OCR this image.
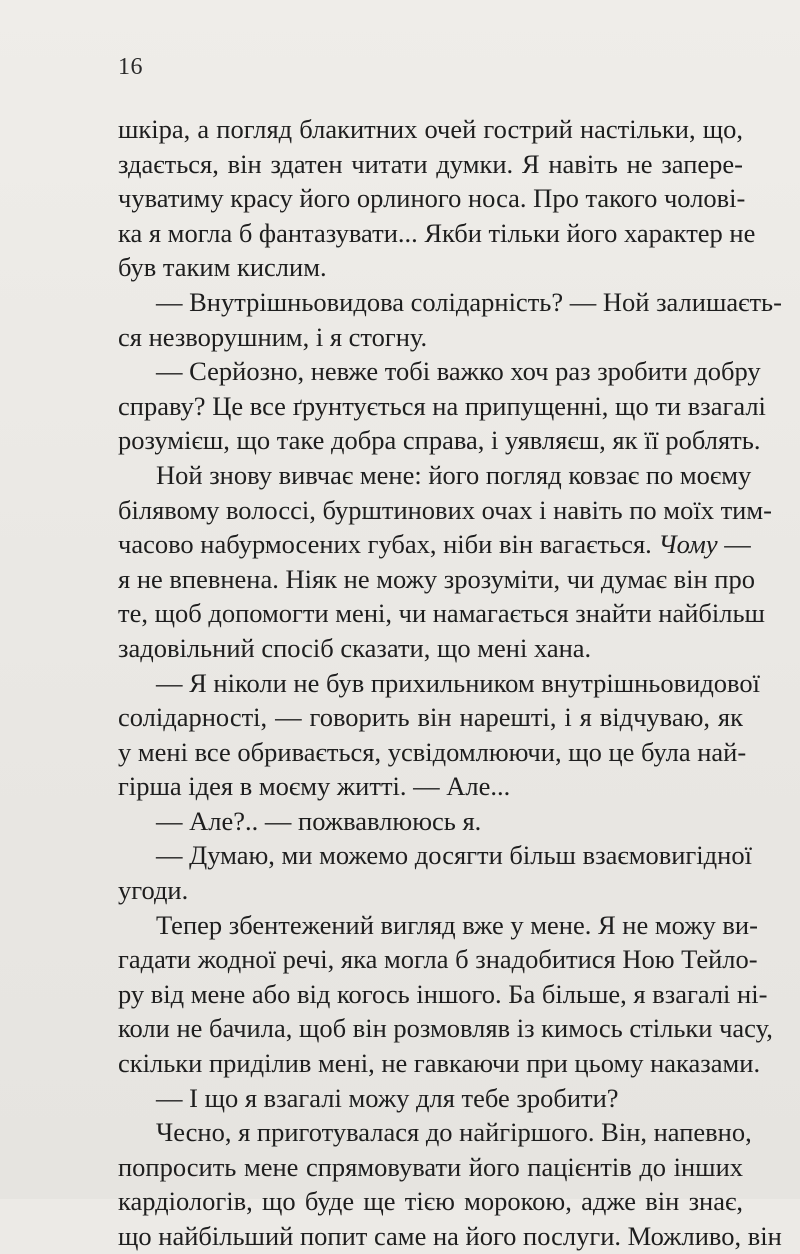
16
шкіра, а погляд блакитних очей гострий настільки, що,
здається, він здатен читати думки. Я навіть не запере-
чуватиму красу його орлиного носа. Про такого чолові-
ка я могла б фантазувати... Якби тільки його характер не
був таким кислим.
— Внутрішньовидова солідарність? — Ной залишаєть-
ся незворушним, і я стогну.
— Серйозно, невже тобі важко хоч раз зробити добру
справу? Це все ґрунтується на припущенні, що ти взагалі
розумієш, що таке добра справа, і уявляєш, як її роблять.
Ной знову вивчає мене: його погляд ковзає по моєму
білявому волоссі, бурштинових очах і навіть по моїх тим-
часово набурмосених губах, ніби він вагається. Чому —
я не впевнена. Ніяк не можу зрозуміти, чи думає він про
те, щоб допомогти мені, чи намагається знайти найбільш
задовільний спосіб сказати, що мені хана.
— Я ніколи не був прихильником внутрішньовидової
солідарності, — говорить він нарешті, і я відчуваю, як
у мені все обривається, усвідомлюючи, що це була най-
гірша ідея в моєму житті. — Але...
— Але?.. — пожвавлююсь я.
— Думаю, ми можемо досягти більш взаємовигідної
угоди.
Тепер збентежений вигляд вже у мене. Я не можу ви-
гадати жодної речі, яка могла б знадобитися Ною Тейло-
ру від мене або від когось іншого. Ба більше, я взагалі ні-
коли не бачила, щоб він розмовляв із кимось стільки часу,
скільки приділив мені, не гавкаючи при цьому наказами.
— І що я взагалі можу для тебе зробити?
Чесно, я приготувалася до найгіршого. Він, напевно,
попросить мене спрямовувати його пацієнтів до інших
кардіологів, що буде ще тією морокою, адже він знає,
що найбільший попит саме на його послуги. Можливо, він
